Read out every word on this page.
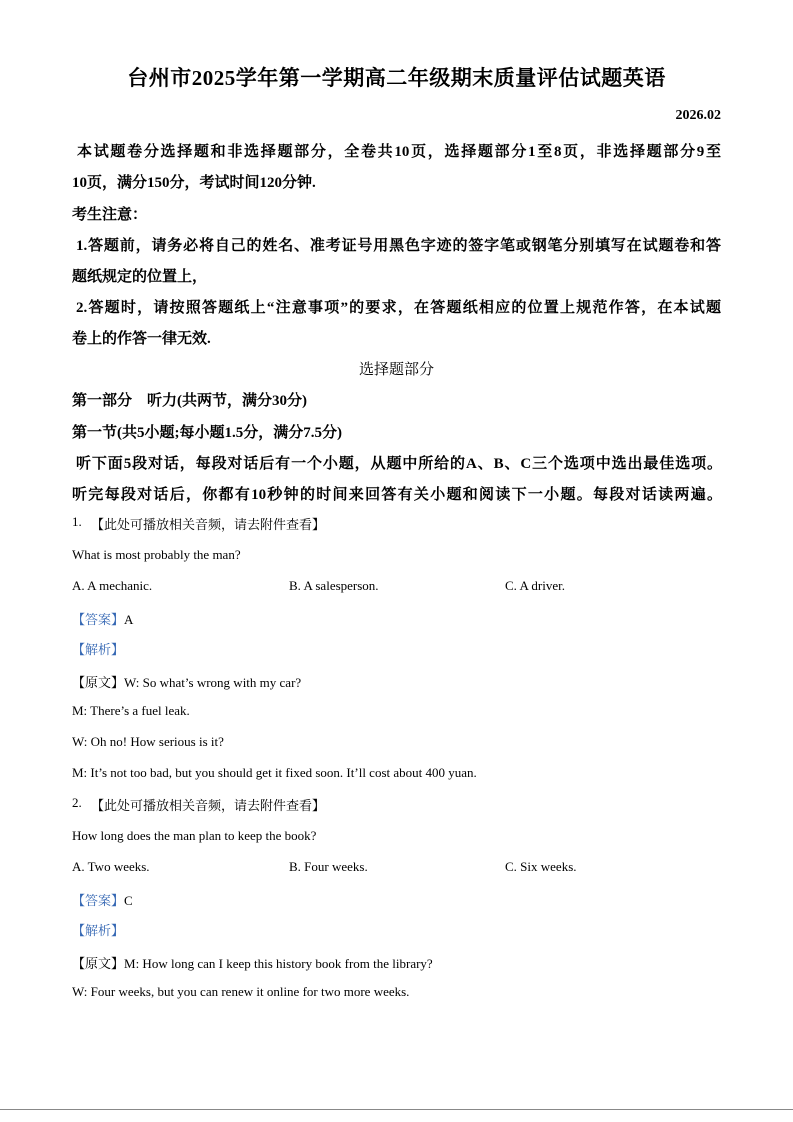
台州市2025学年第一学期高二年级期末质量评估试题英语
2026.02
本试题卷分选择题和非选择题部分，全卷共10页，选择题部分1至8页，非选择题部分9至
10页，满分150分，考试时间120分钟.
考生注意：
1.答题前，请务必将自己的姓名、准考证号用黑色字迹的签字笔或钢笔分别填写在试题卷和答
题纸规定的位置上，
2.答题时，请按照答题纸上“注意事项”的要求，在答题纸相应的位置上规范作答，在本试题
卷上的作答一律无效.
选择题部分
第一部分　听力(共两节，满分30分)
第一节(共5小题;每小题1.5分，满分7.5分)
听下面5段对话，每段对话后有一个小题，从题中所给的A、B、C三个选项中选出最佳选项。
听完每段对话后，你都有10秒钟的时间来回答有关小题和阅读下一小题。每段对话读两遍。
1. 【此处可播放相关音频，请去附件查看】
What is most probably the man?
A. A mechanic.	B. A salesperson.	C. A driver.
【答案】A
【解析】
【原文】W: So what’s wrong with my car?
M: There’s a fuel leak.
W: Oh no! How serious is it?
M: It’s not too bad, but you should get it fixed soon. It’ll cost about 400 yuan.
2. 【此处可播放相关音频，请去附件查看】
How long does the man plan to keep the book?
A. Two weeks.	B. Four weeks.	C. Six weeks.
【答案】C
【解析】
【原文】M: How long can I keep this history book from the library?
W: Four weeks, but you can renew it online for two more weeks.
